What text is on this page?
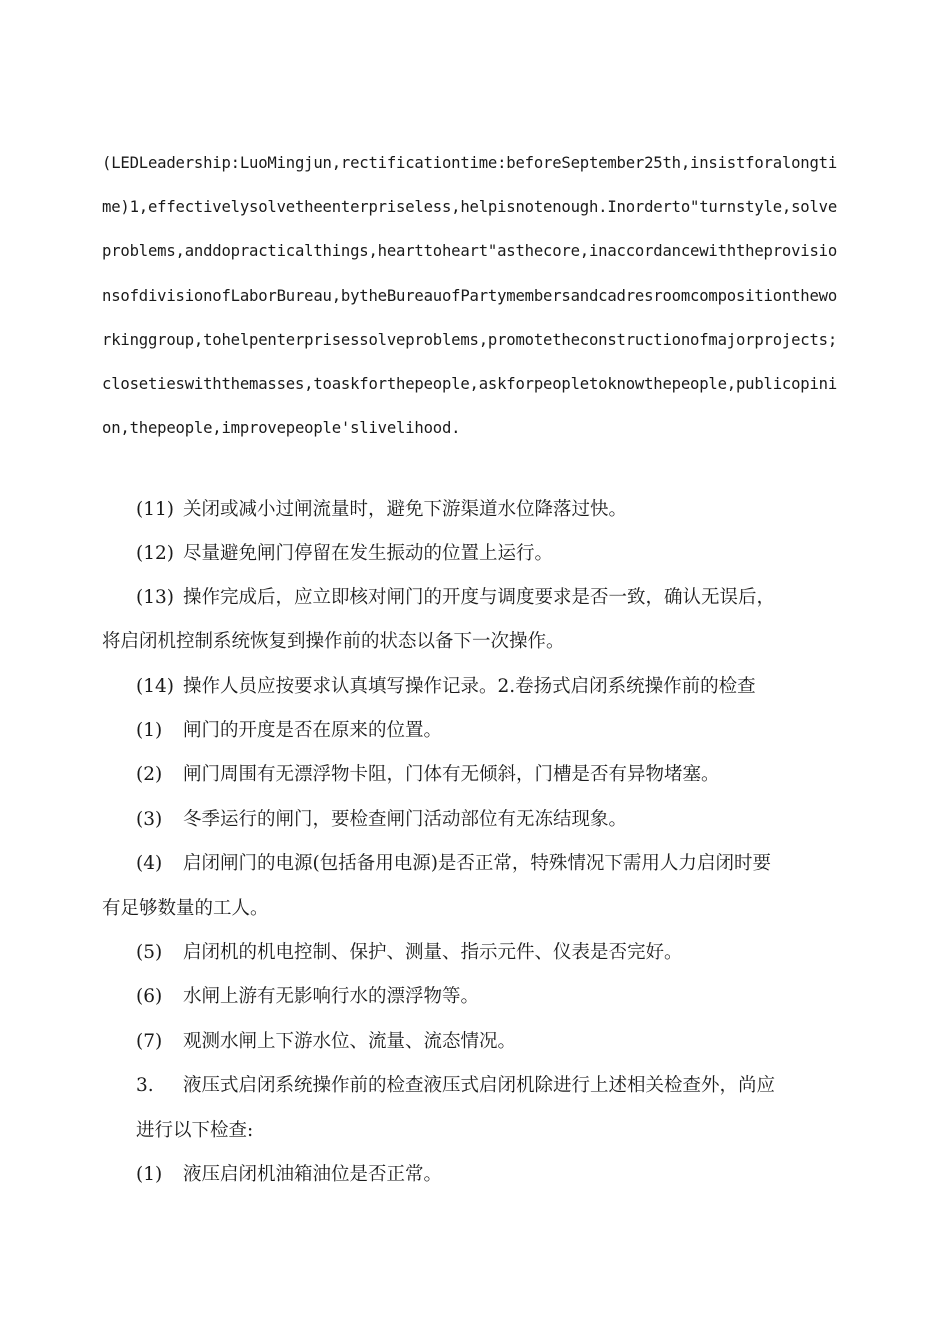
(LEDLeadership:LuoMingjun,rectificationtime:beforeSeptember25th,insistforalongtime)1,effectivelysolvetheenterpriseless,helpisnotenough.Inorderto"turnstyle,solveproblems,anddopracticalthings,hearttoheart"asthecore,inaccordancewiththeprovisionsofdivisionofLaborBureau,bytheBureauofPartymembersandcadresroomcompositiontheworkinggroup,tohelpenterprisessolveproblems,promotetheconstructionofmajorprojects;closetieswiththemasses,toaskforthepeople,askforpeopletoknowthepeople,publicopinion,thepeople,improvepeople'slivelihood.

(11) 关闭或减小过闸流量时，避免下游渠道水位降落过快。
(12) 尽量避免闸门停留在发生振动的位置上运行。
(13) 操作完成后，应立即核对闸门的开度与调度要求是否一致，确认无误后，
将启闭机控制系统恢复到操作前的状态以备下一次操作。
(14) 操作人员应按要求认真填写操作记录。2.卷扬式启闭系统操作前的检查
(1) 闸门的开度是否在原来的位置。
(2) 闸门周围有无漂浮物卡阻，门体有无倾斜，门槽是否有异物堵塞。
(3) 冬季运行的闸门，要检查闸门活动部位有无冻结现象。
(4) 启闭闸门的电源(包括备用电源)是否正常，特殊情况下需用人力启闭时要
有足够数量的工人。
(5) 启闭机的机电控制、保护、测量、指示元件、仪表是否完好。
(6) 水闸上游有无影响行水的漂浮物等。
(7) 观测水闸上下游水位、流量、流态情况。
3. 液压式启闭系统操作前的检查液压式启闭机除进行上述相关检查外，尚应
进行以下检查:
(1) 液压启闭机油箱油位是否正常。
